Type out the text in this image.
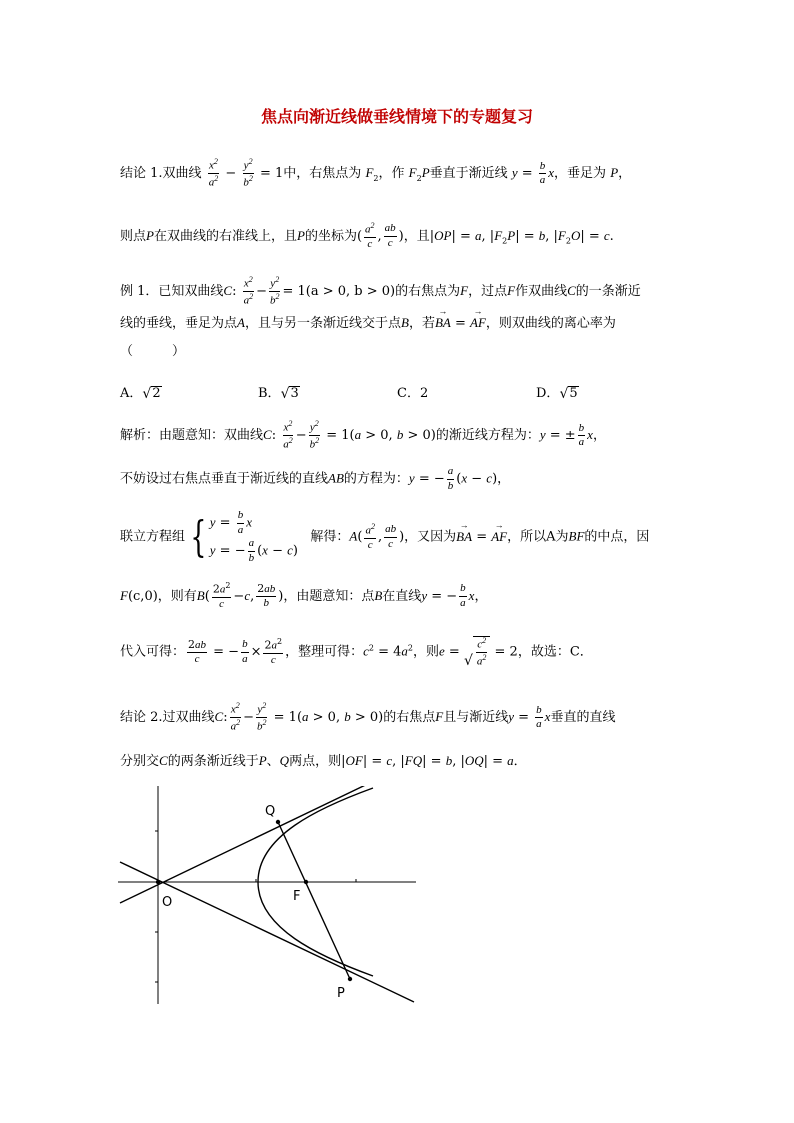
焦点向渐近线做垂线情境下的专题复习
结论 1.双曲线 $\frac{x^2}{a^2} - \frac{y^2}{b^2} = 1$中，右焦点为 $F_2$，作 $F_2P$垂直于渐近线 $y = \frac{b}{a}$ x，垂足为 P，
则点P在双曲线的右准线上，且P的坐标为( $\frac{a^2}{c}$ , $\frac{ab}{c}$ )，且|OP| = a, $|F_2P| = b$, $|F_2O| = c$.
例 1．已知双曲线C: $\frac{x^2}{a^2} - \frac{y^2}{b^2} = 1(a > 0$, b > 0)的右焦点为F，过点F作双曲线C的一条渐近
线的垂线，垂足为点A，且与另一条渐近线交于点B，若→ BA = → AF，则双曲线的离心率为
（　　　）
A． √ 2	B． √ 3	C．2	D． √ 5
解析：由题意知：双曲线C: $\frac{x^2}{a^2} - \frac{y^2}{b^2} = 1(a > 0$, b > 0)的渐近线方程为：y = ± $\frac{b}{a}$ x，
不妨设过右焦点垂直于渐近线的直线AB的方程为：y = − $\frac{a}{b} (x - c)$，
联立方程组 { $y = \frac{b}{a}$ x
y = − $\frac{a}{b} (x - c)$
解得：$A( \frac{a^2}{c}$ , $\frac{ab}{c}$ )，又因为→ BA = → AF，所以A为BF的中点，因
F(c,0)，则有$B( \frac{2a^2}{c} -c$, $\frac{2ab}{b}$ )，由题意知：点B在直线y = − $\frac{b}{a}$ x，
代入可得： $\frac{2ab}{c}$ = − $\frac{b}{a} \times \frac{2a^2}{c}$ ，整理可得：$c^2 = 4a^2$，则e =
√ $\frac{c^2}{a^2} = 2$，故选：C．
结论 2.过双曲线C: $\frac{x^2}{a^2} - \frac{y^2}{b^2} = 1(a > 0$, b > 0)的右焦点F且与渐近线$y = \frac{b}{a}$ x垂直的直线
分别交C的两条渐近线于P、Q两点，则|OF| = c, |FQ| = b, |OQ| = a．
Q
F
O
P
